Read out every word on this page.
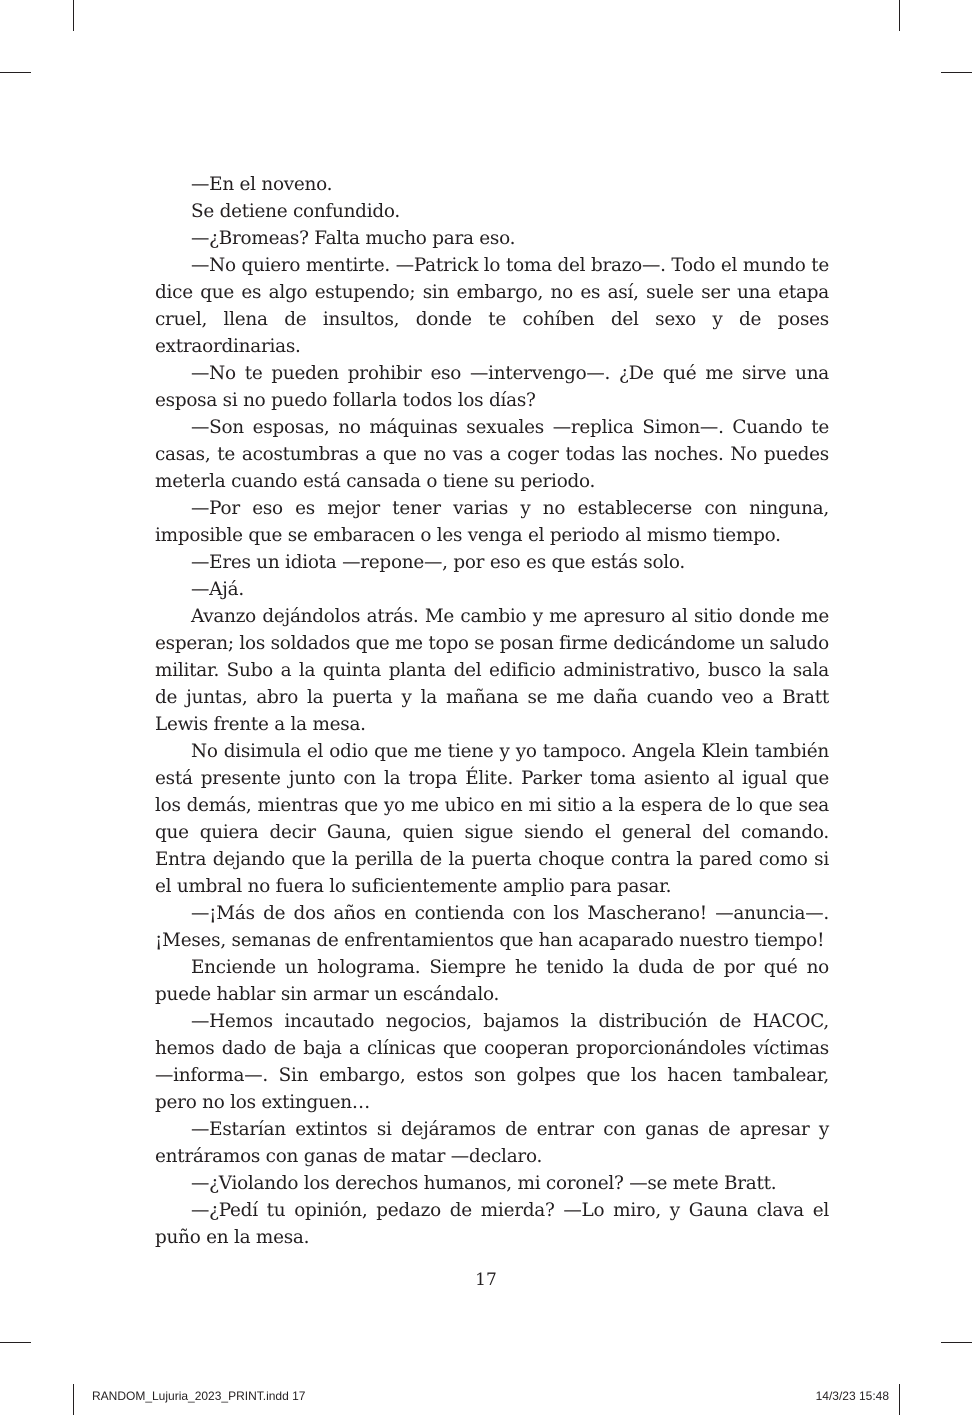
—En el noveno.

Se detiene confundido.

—¿Bromeas? Falta mucho para eso.

—No quiero mentirte. —Patrick lo toma del brazo—. Todo el mundo te dice que es algo estupendo; sin embargo, no es así, suele ser una etapa cruel, llena de insultos, donde te cohíben del sexo y de poses extraordinarias.

—No te pueden prohibir eso —intervengo—. ¿De qué me sirve una esposa si no puedo follarla todos los días?

—Son esposas, no máquinas sexuales —replica Simon—. Cuando te casas, te acostumbras a que no vas a coger todas las noches. No puedes meterla cuando está cansada o tiene su periodo.

—Por eso es mejor tener varias y no establecerse con ninguna, imposible que se embaracen o les venga el periodo al mismo tiempo.

—Eres un idiota —repone—, por eso es que estás solo.

—Ajá.

Avanzo dejándolos atrás. Me cambio y me apresuro al sitio donde me esperan; los soldados que me topo se posan firme dedicándome un saludo militar. Subo a la quinta planta del edificio administrativo, busco la sala de juntas, abro la puerta y la mañana se me daña cuando veo a Bratt Lewis frente a la mesa.

No disimula el odio que me tiene y yo tampoco. Angela Klein también está presente junto con la tropa Élite. Parker toma asiento al igual que los demás, mientras que yo me ubico en mi sitio a la espera de lo que sea que quiera decir Gauna, quien sigue siendo el general del comando. Entra dejando que la perilla de la puerta choque contra la pared como si el umbral no fuera lo suficientemente amplio para pasar.

—¡Más de dos años en contienda con los Mascherano! —anuncia—. ¡Meses, semanas de enfrentamientos que han acaparado nuestro tiempo!

Enciende un holograma. Siempre he tenido la duda de por qué no puede hablar sin armar un escándalo.

—Hemos incautado negocios, bajamos la distribución de HACOC, hemos dado de baja a clínicas que cooperan proporcionándoles víctimas —informa—. Sin embargo, estos son golpes que los hacen tambalear, pero no los extinguen…

—Estarían extintos si dejáramos de entrar con ganas de apresar y entráramos con ganas de matar —declaro.

—¿Violando los derechos humanos, mi coronel? —se mete Bratt.

—¿Pedí tu opinión, pedazo de mierda? —Lo miro, y Gauna clava el puño en la mesa.

17
RANDOM_Lujuria_2023_PRINT.indd 17	14/3/23 15:48
